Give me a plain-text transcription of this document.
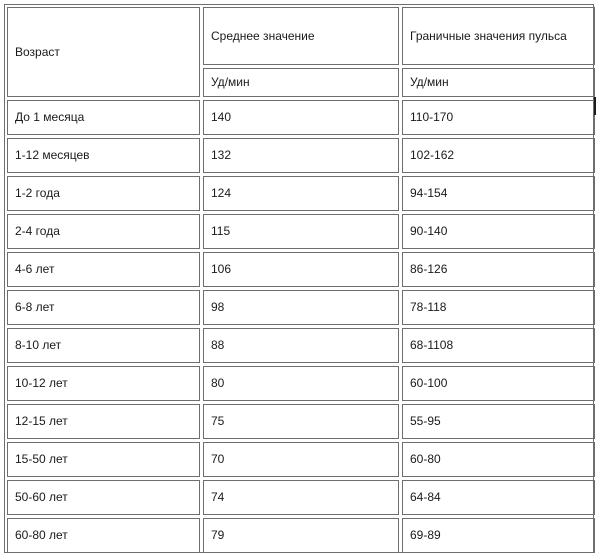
Возраст	Среднее значение	Граничные значения пульса
	Уд/мин	Уд/мин
До 1 месяца	140	110-170
1-12 месяцев	132	102-162
1-2 года	124	94-154
2-4 года	115	90-140
4-6 лет	106	86-126
6-8 лет	98	78-118
8-10 лет	88	68-1108
10-12 лет	80	60-100
12-15 лет	75	55-95
15-50 лет	70	60-80
50-60 лет	74	64-84
60-80 лет	79	69-89
